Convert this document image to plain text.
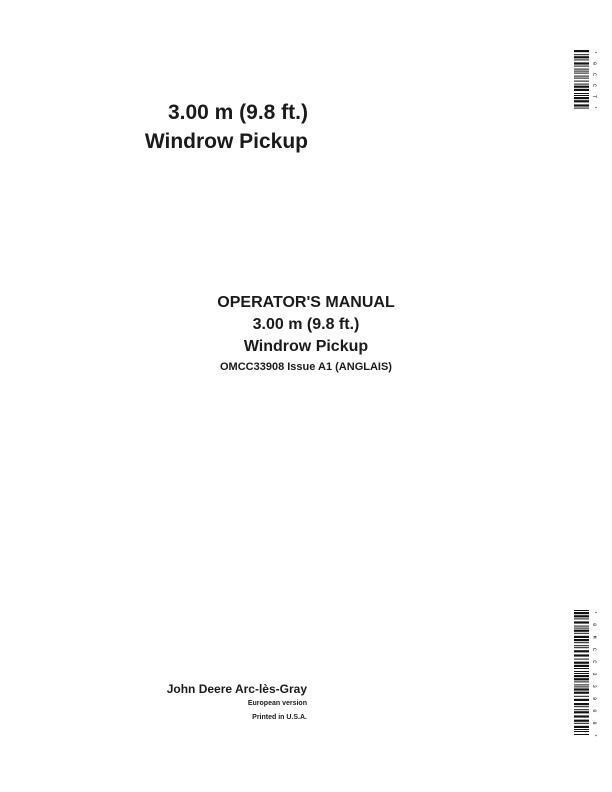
3.00 m (9.8 ft.)
Windrow Pickup
OPERATOR'S MANUAL
3.00 m (9.8 ft.)
Windrow Pickup
OMCC33908 Issue A1 (ANGLAIS)
John Deere Arc-lès-Gray
European version
Printed in U.S.A.
* 0 C C T *
* 0 M C C 3 3 9 0 8 *
